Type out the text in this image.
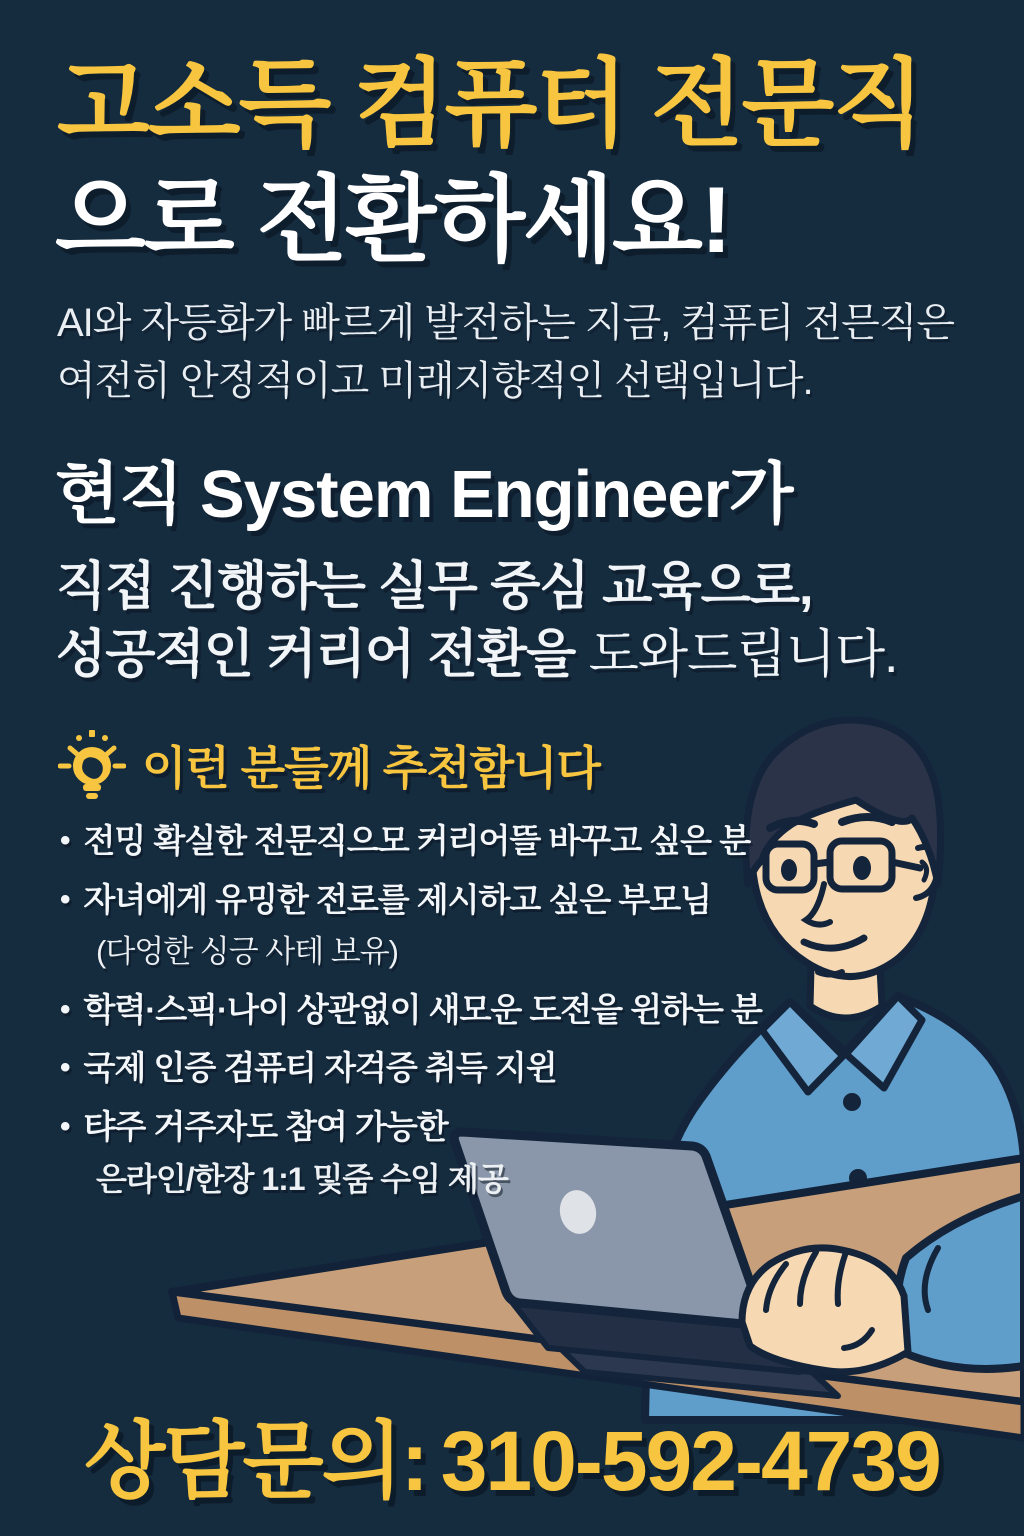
고소득 컴퓨터 전문직
으로 전환하세요!
AI와 자등화가 빠르게 발전하는 지금, 컴퓨티 전믄직은
여전히 안정적이고 미래지향적인 선택입니다.
현직 System Engineer가
직접 진행하는 실무 중심 교육으로,
성공적인 커리어 전환을 도와드립니다.
이런 분들께 추천함니다
• 전밍 확실한 전문직으모 커리어뜰 바꾸고 싶은 분
• 자녀에게 유밍한 전로를 제시하고 싶은 부모님
(다엉한 싱긍 사테 보유)
• 학력·스픽·나이 상관없이 새모운 도전읕 윈하는 분
• 국제 인증 검퓨티 자걱증 취득 지윈
• 탸주 거주자도 참여 가능한
은라인/한장 1:1 및줌 수임 제공
상담문의: 310-592-4739
